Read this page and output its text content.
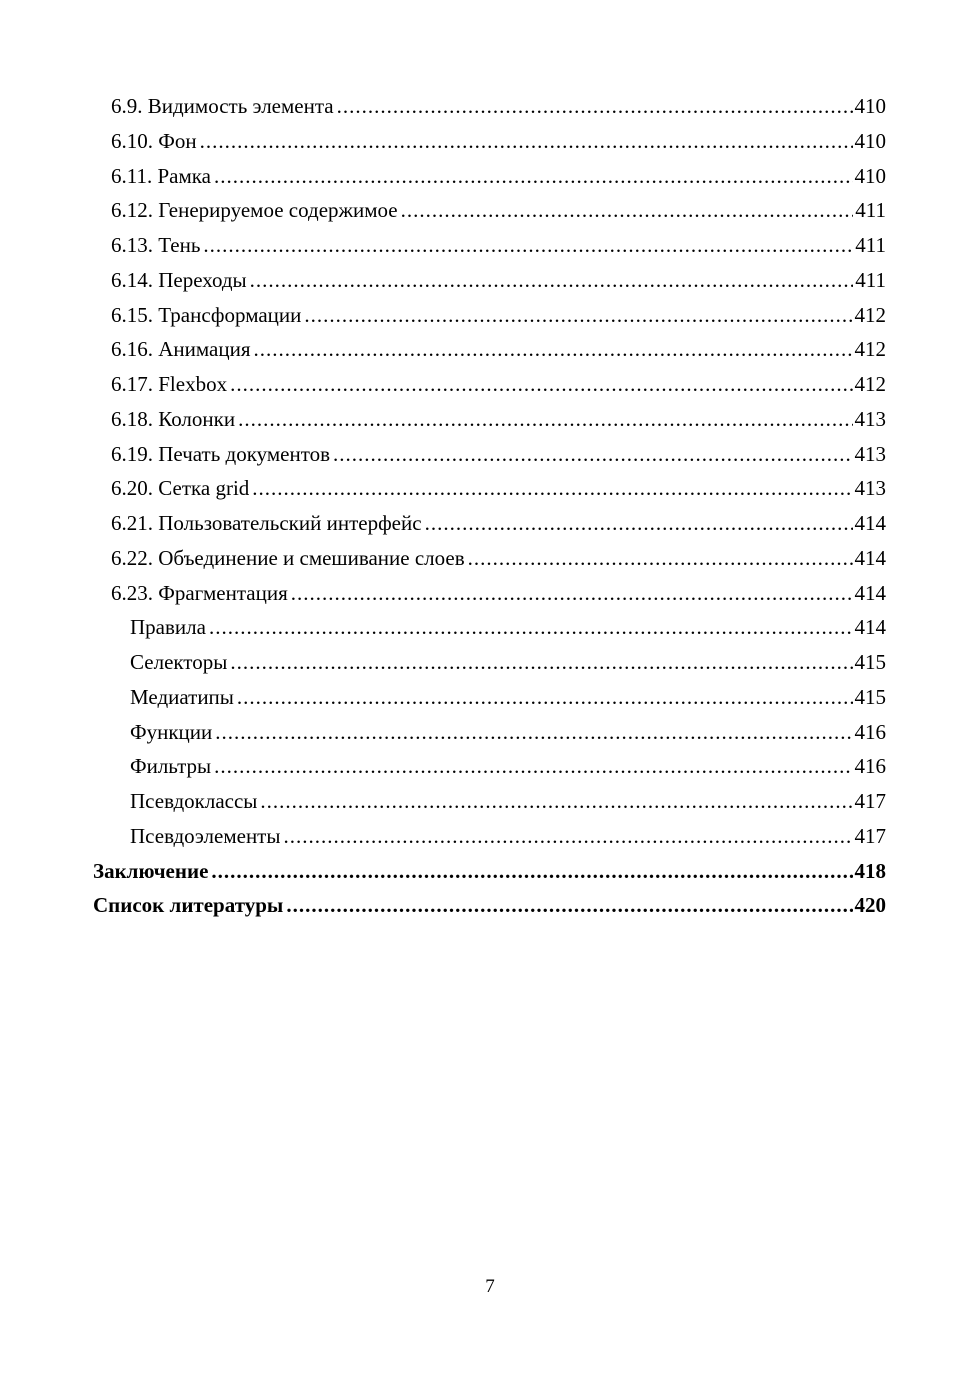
6.9. Видимость элемента .....	410
6.10. Фон .....	410
6.11. Рамка .....	410
6.12. Генерируемое содержимое .....	411
6.13. Тень .....	411
6.14. Переходы .....	411
6.15. Трансформации .....	412
6.16. Анимация .....	412
6.17. Flexbox .....	412
6.18. Колонки .....	413
6.19. Печать документов .....	413
6.20. Сетка grid .....	413
6.21. Пользовательский интерфейс .....	414
6.22. Объединение и смешивание слоев .....	414
6.23. Фрагментация .....	414
Правила .....	414
Селекторы .....	415
Медиатипы .....	415
Функции .....	416
Фильтры .....	416
Псевдоклассы .....	417
Псевдоэлементы .....	417
Заключение .....	418
Список литературы .....	420
7
